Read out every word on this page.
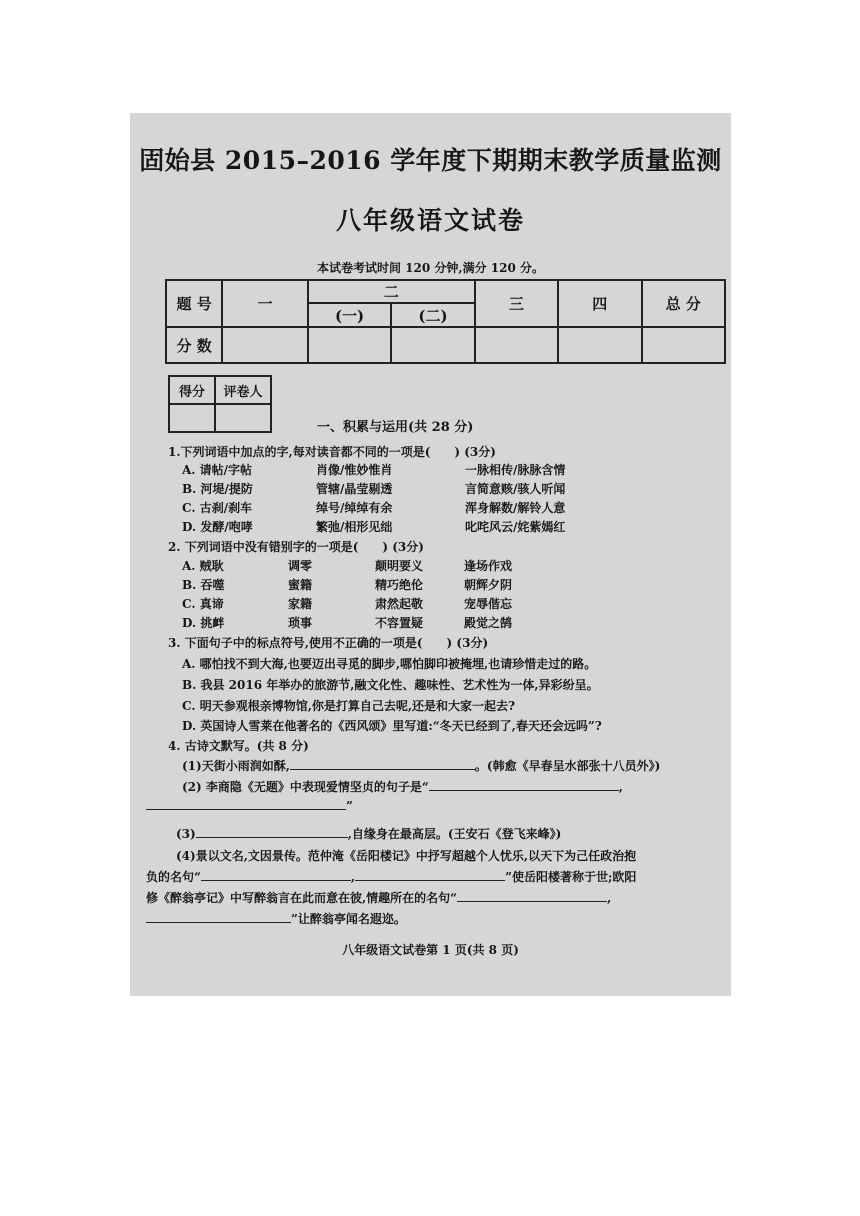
固始县 2015–2016 学年度下期期末教学质量监测
八年级语文试卷
本试卷考试时间 120 分钟,满分 120 分。
题 号	一	二		三	四	总 分
		(一)	(二)			
分 数						
得分	评卷人

一、积累与运用(共 28 分)
1.下列词语中加点的字,每对读音都不同的一项是(　　) (3分)
A. 请帖/字帖	肖像/惟妙惟肖	一脉相传/脉脉含情
B. 河堤/提防	管辖/晶莹剔透	言简意赅/骇人听闻
C. 古刹/刹车	绰号/绰绰有余	浑身解数/解铃人意
D. 发酵/咆哮	繁弛/相形见绌	叱咤风云/姹紫嫣红
2. 下列词语中没有错别字的一项是(　　) (3分)
A. 贼耿	调零	颠明要义	逢场作戏
B. 吞噬	蜜籍	精巧绝伦	朝辉夕阴
C. 真谛	家籍	肃然起敬	宠辱偕忘
D. 挑衅	琐事	不容置疑	殿觉之鹄
3. 下面句子中的标点符号,使用不正确的一项是(　　) (3分)
A. 哪怕找不到大海,也要迈出寻觅的脚步,哪怕脚印被掩埋,也请珍惜走过的路。
B. 我县 2016 年举办的旅游节,融文化性、趣味性、艺术性为一体,异彩纷呈。
C. 明天参观根亲博物馆,你是打算自己去呢,还是和大家一起去?
D. 英国诗人雪莱在他著名的《西风颂》里写道:“冬天已经到了,春天还会远吗”?
4. 古诗文默写。(共 8 分)
(1)天街小雨润如酥,	。(韩愈《早春呈水部张十八员外》)
(2) 李商隐《无题》中表现爱情坚贞的句子是“	,
”
(3)	,自缘身在最高层。(王安石《登飞来峰》)
(4)景以文名,文因景传。范仲淹《岳阳楼记》中抒写超越个人忧乐,以天下为己任政治抱
负的名句“	,	”使岳阳楼著称于世;欧阳
修《醉翁亭记》中写醉翁言在此而意在彼,情趣所在的名句“	,
”让醉翁亭闻名遐迩。
八年级语文试卷第 1 页(共 8 页)
